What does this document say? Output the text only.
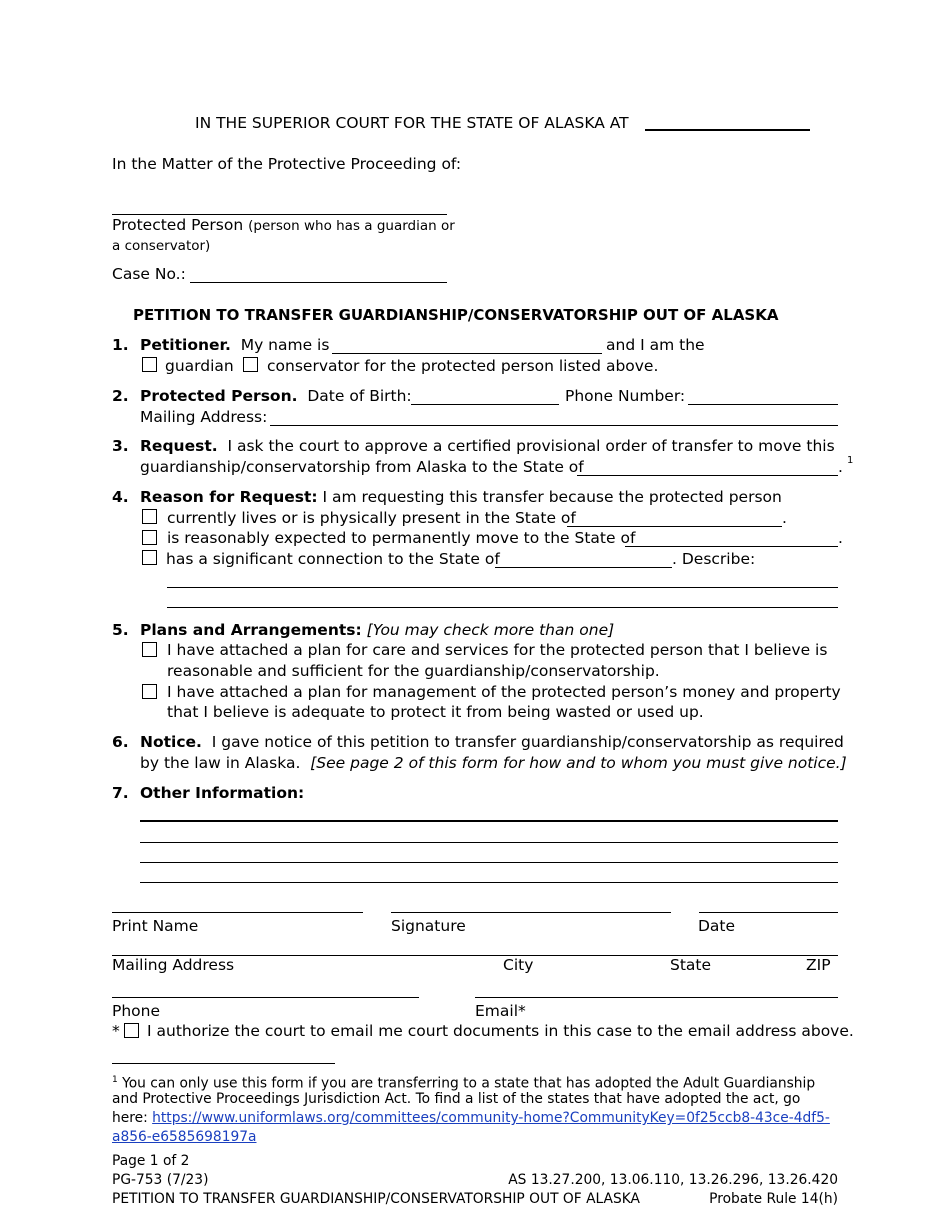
IN THE SUPERIOR COURT FOR THE STATE OF ALASKA AT
In the Matter of the Protective Proceeding of:
Protected Person (person who has a guardian or
a conservator)
Case No.:
PETITION TO TRANSFER GUARDIANSHIP/CONSERVATORSHIP OUT OF ALASKA
1. Petitioner. My name is	and I am the
guardian conservator for the protected person listed above.
2. Protected Person. Date of Birth:	Phone Number:
Mailing Address:
3. Request. I ask the court to approve a certified provisional order of transfer to move this
guardianship/conservatorship from Alaska to the State of	. 1
4. Reason for Request: I am requesting this transfer because the protected person
currently lives or is physically present in the State of	.
is reasonably expected to permanently move to the State of	.
has a significant connection to the State of	. Describe:
5. Plans and Arrangements: [You may check more than one]
I have attached a plan for care and services for the protected person that I believe is
reasonable and sufficient for the guardianship/conservatorship.
I have attached a plan for management of the protected person’s money and property
that I believe is adequate to protect it from being wasted or used up.
6. Notice. I gave notice of this petition to transfer guardianship/conservatorship as required
by the law in Alaska. [See page 2 of this form for how and to whom you must give notice.]
7. Other Information:
Print Name	Signature	Date
Mailing Address	City	State	ZIP
Phone	Email*
* I authorize the court to email me court documents in this case to the email address above.
$^1$ You can only use this form if you are transferring to a state that has adopted the Adult Guardianship
and Protective Proceedings Jurisdiction Act. To find a list of the states that have adopted the act, go
here: https://www.uniformlaws.org/committees/community-home?CommunityKey=0f25ccb8-43ce-4df5-
a856-e6585698197a
Page 1 of 2
PG-753 (7/23)	AS 13.27.200, 13.06.110, 13.26.296, 13.26.420
PETITION TO TRANSFER GUARDIANSHIP/CONSERVATORSHIP OUT OF ALASKA	Probate Rule 14(h)
